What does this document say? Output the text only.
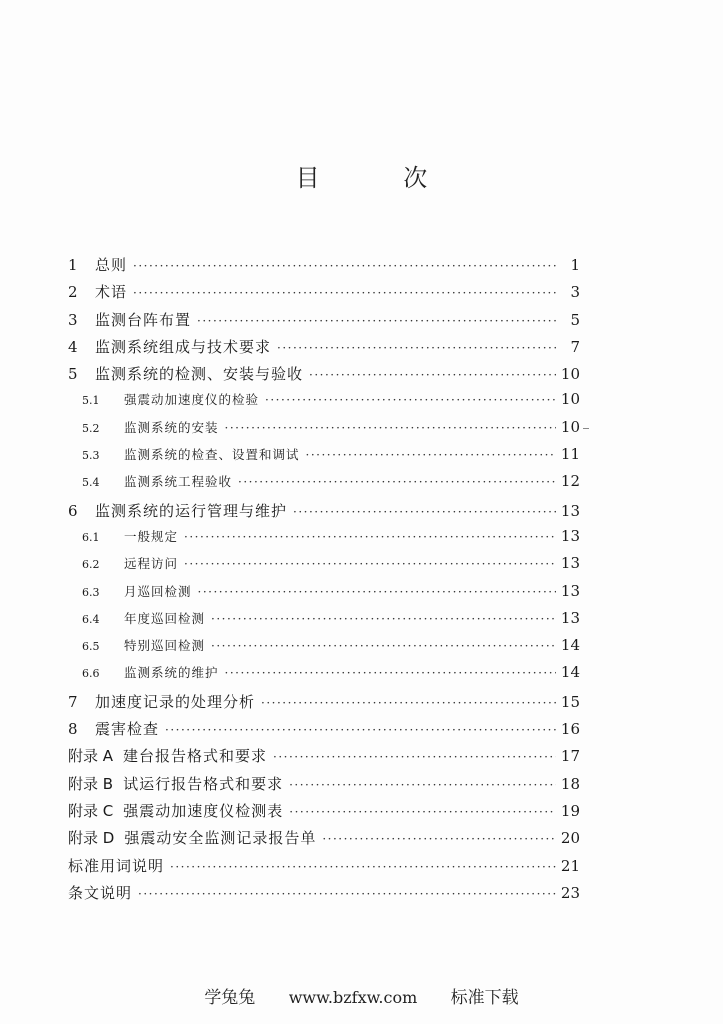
目 次
1	总则 ·····	1
2	术语 ·····	3
3	监测台阵布置 ·····	5
4	监测系统组成与技术要求 ·····	7
5	监测系统的检测、安装与验收 ·····	10
5.1	强震动加速度仪的检验 ·····	10
5.2	监测系统的安装 ·····	10
5.3	监测系统的检查、设置和调试 ·····	11
5.4	监测系统工程验收 ·····	12
6	监测系统的运行管理与维护 ·····	13
6.1	一般规定 ·····	13
6.2	远程访问 ·····	13
6.3	月巡回检测 ·····	13
6.4	年度巡回检测 ·····	13
6.5	特别巡回检测 ·····	14
6.6	监测系统的维护 ·····	14
7	加速度记录的处理分析 ·····	15
8	震害检查 ·····	16
附录 A 建台报告格式和要求 ·····	17
附录 B 试运行报告格式和要求 ·····	18
附录 C 强震动加速度仪检测表 ·····	19
附录 D 强震动安全监测记录报告单 ·····	20
标准用词说明 ·····	21
条文说明 ·····	23
学兔兔 www.bzfxw.com 标准下载
